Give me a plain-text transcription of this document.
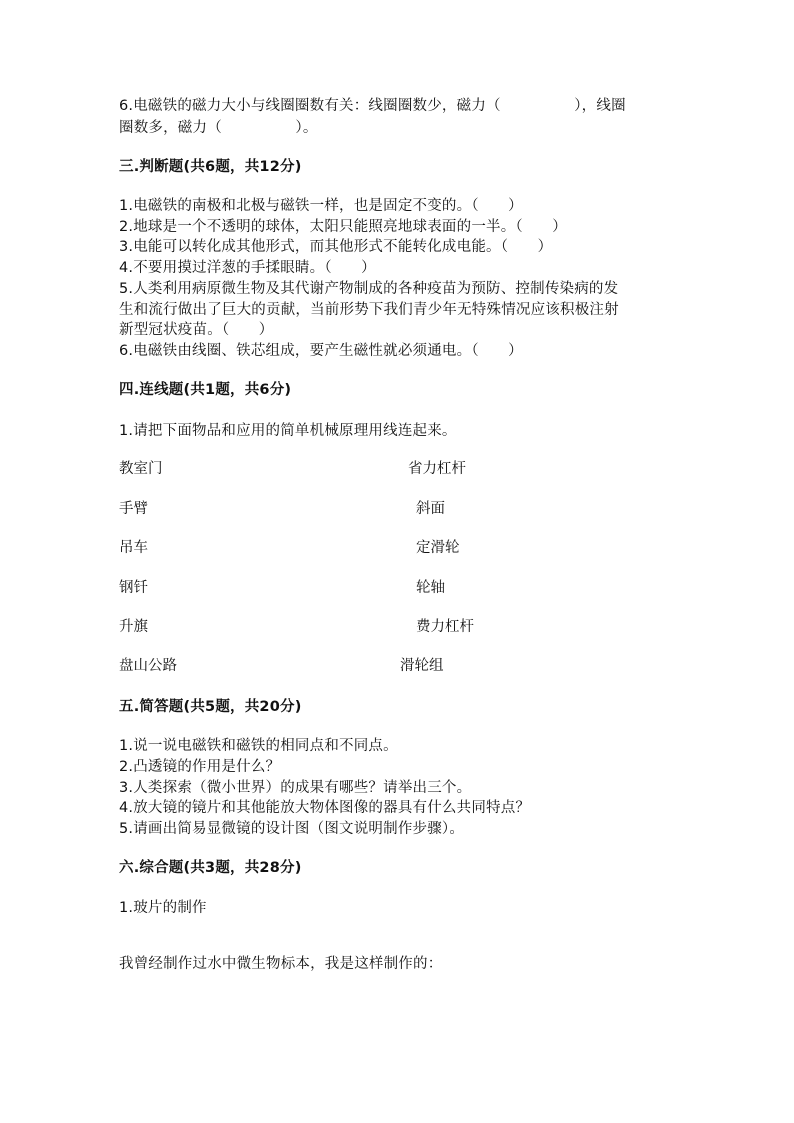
6.电磁铁的磁力大小与线圈圈数有关：线圈圈数少，磁力（　　　　　），线圈
圈数多，磁力（　　　　　）。
三.判断题(共6题，共12分)
1.电磁铁的南极和北极与磁铁一样，也是固定不变的。（　　）
2.地球是一个不透明的球体，太阳只能照亮地球表面的一半。（　　）
3.电能可以转化成其他形式，而其他形式不能转化成电能。（　　）
4.不要用摸过洋葱的手揉眼睛。（　　）
5.人类利用病原微生物及其代谢产物制成的各种疫苗为预防、控制传染病的发
生和流行做出了巨大的贡献，当前形势下我们青少年无特殊情况应该积极注射
新型冠状疫苗。（　　）
6.电磁铁由线圈、铁芯组成，要产生磁性就必须通电。（　　）
四.连线题(共1题，共6分)
1.请把下面物品和应用的简单机械原理用线连起来。
教室门	省力杠杆
手臂	斜面
吊车	定滑轮
钢钎	轮轴
升旗	费力杠杆
盘山公路	滑轮组
五.简答题(共5题，共20分)
1.说一说电磁铁和磁铁的相同点和不同点。
2.凸透镜的作用是什么？
3.人类探索（微小世界）的成果有哪些？请举出三个。
4.放大镜的镜片和其他能放大物体图像的器具有什么共同特点？
5.请画出简易显微镜的设计图（图文说明制作步骤）。
六.综合题(共3题，共28分)
1.玻片的制作
我曾经制作过水中微生物标本，我是这样制作的：
